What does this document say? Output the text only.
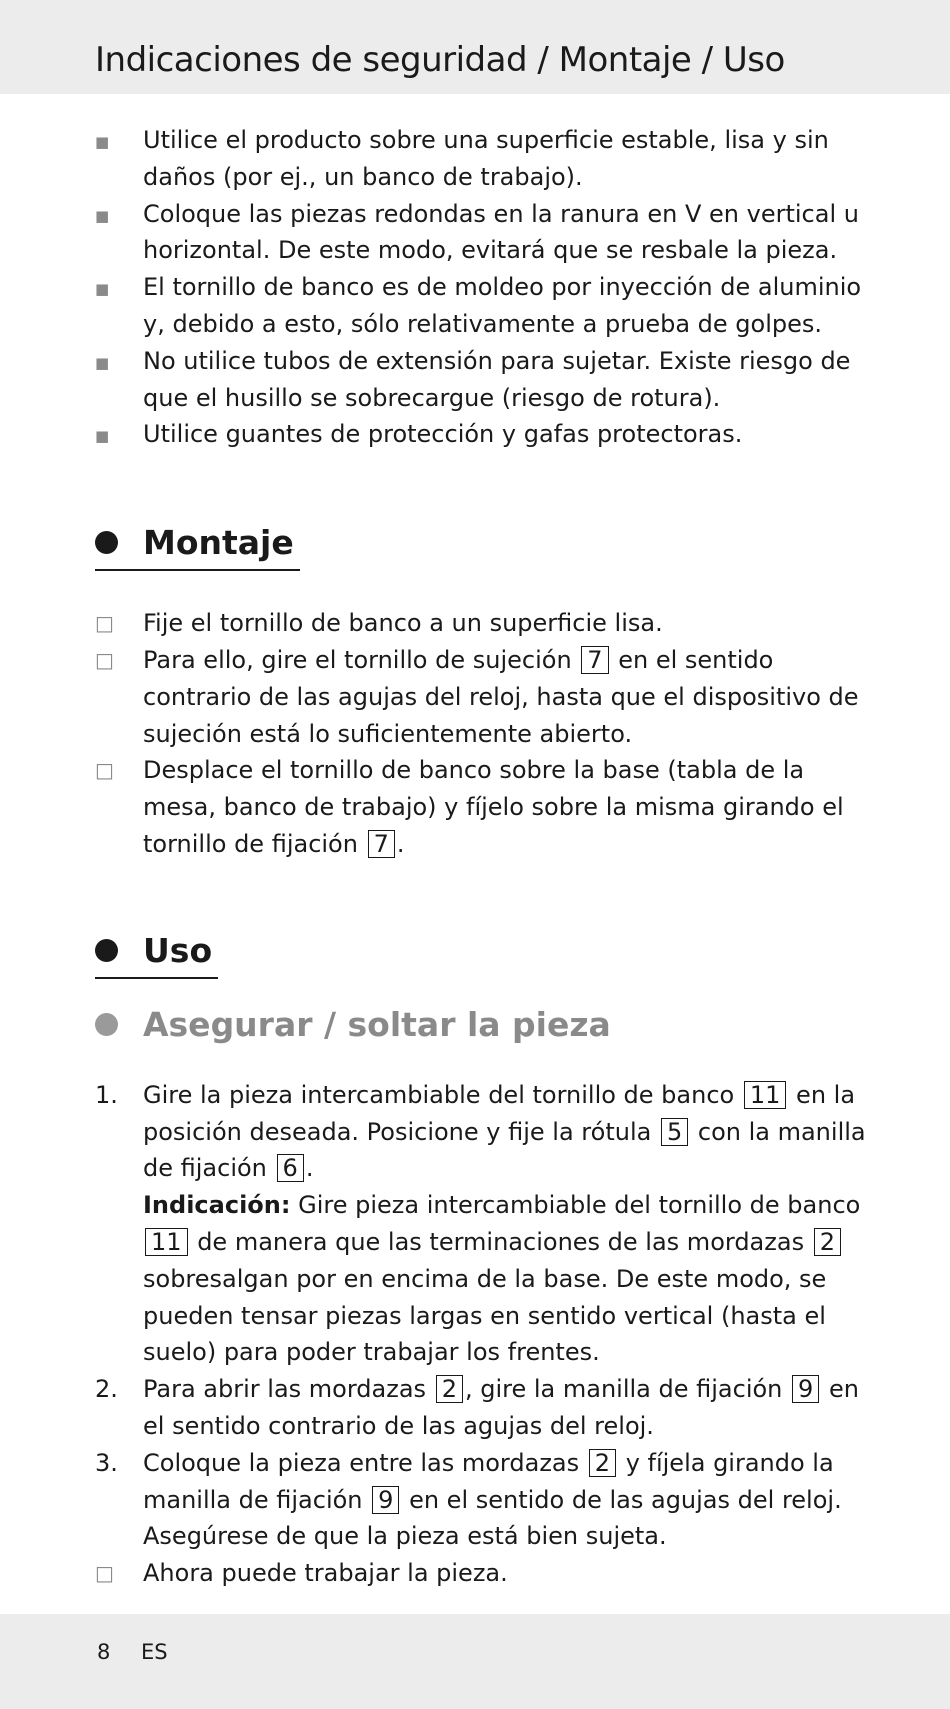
Indicaciones de seguridad / Montaje / Uso
■	Utilice el producto sobre una superficie estable, lisa y sin daños (por ej., un banco de trabajo).
■	Coloque las piezas redondas en la ranura en V en vertical u horizontal. De este modo, evitará que se resbale la pieza.
■	El tornillo de banco es de moldeo por inyección de aluminio y, debido a esto, sólo relativamente a prueba de golpes.
■	No utilice tubos de extensión para sujetar. Existe riesgo de que el husillo se sobrecargue (riesgo de rotura).
■	Utilice guantes de protección y gafas protectoras.
Montaje
□	Fije el tornillo de banco a un superficie lisa.
□	Para ello, gire el tornillo de sujeción 7 en el sentido contrario de las agujas del reloj, hasta que el dispositivo de sujeción está lo suficientemente abierto.
□	Desplace el tornillo de banco sobre la base (tabla de la mesa, banco de trabajo) y fíjelo sobre la misma girando el tornillo de fijación 7 .
Uso
Asegurar / soltar la pieza
1. Gire la pieza intercambiable del tornillo de banco 11 en la posición deseada. Posicione y fije la rótula 5 con la manilla de fijación 6 .
Indicación: Gire pieza intercambiable del tornillo de banco 11 de manera que las terminaciones de las mordazas 2 sobresalgan por en encima de la base. De este modo, se pueden tensar piezas largas en sentido vertical (hasta el suelo) para poder trabajar los frentes.
2. Para abrir las mordazas 2 , gire la manilla de fijación 9 en el sentido contrario de las agujas del reloj.
3. Coloque la pieza entre las mordazas 2 y fíjela girando la manilla de fijación 9 en el sentido de las agujas del reloj. Asegúrese de que la pieza está bien sujeta.
□	Ahora puede trabajar la pieza.
8 ES
